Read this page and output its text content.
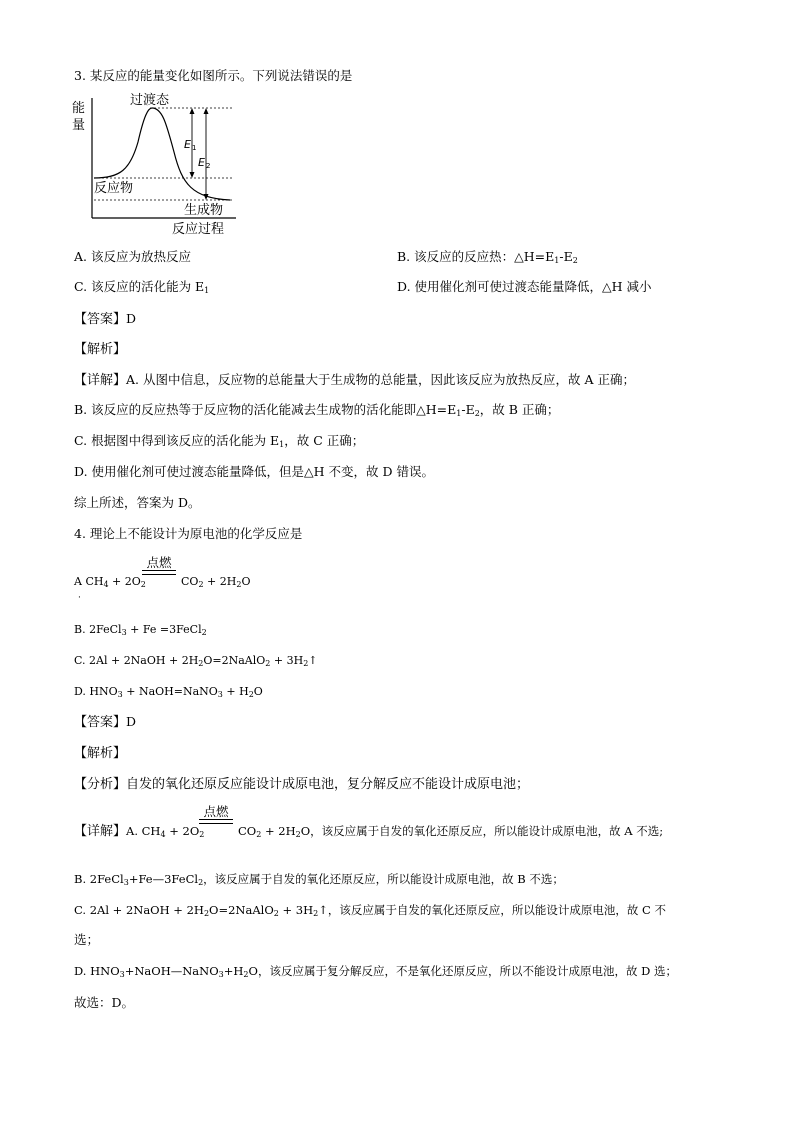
3. 某反应的能量变化如图所示。下列说法错误的是
能
量
过渡态
反应物
生成物
反应过程
E 1
E 2
A. 该反应为放热反应	B. 该反应的反应热：$\triangle H=E_1-E_2$
C. 该反应的活化能为 $E_1$	D. 使用催化剂可使过渡态能量降低，△H 减小
【答案】D
【解析】
【详解】A. 从图中信息，反应物的总能量大于生成物的总能量，因此该反应为放热反应，故 A 正确；
B. 该反应的反应热等于反应物的活化能减去生成物的活化能即$\triangle H=E_1-E_2$，故 B 正确；
C. 根据图中得到该反应的活化能为 $E_1$，故 C 正确；
D. 使用催化剂可使过渡态能量降低，但是△H 不变，故 D 错误。
综上所述，答案为 D。
4. 理论上不能设计为原电池的化学反应是
A $CH_4 + 2O_2$
点燃
$CO_2 + 2H_2O$
·
B. 2FeCl$_3$ + Fe =3FeCl$_2$
C. 2Al + 2NaOH + $2H_2O=2NaAlO_2$ + $3H_2↑$
D. $HNO_3$ + NaOH=NaNO$_3$ + $H_2O$
【答案】D
【解析】
【分析】自发的氧化还原反应能设计成原电池，复分解反应不能设计成原电池；
【详解】A. $CH_4 + 2O_2$
点燃
$CO_2 + 2H_2O$，该反应属于自发的氧化还原反应，所以能设计成原电池，故 A 不选;
B. 2FeCl$_3$+Fe—3FeCl$_2$，该反应属于自发的氧化还原反应，所以能设计成原电池，故 B 不选；
C. 2Al + 2NaOH + $2H_2O=2NaAlO_2$ + $3H_2↑$，该反应属于自发的氧化还原反应，所以能设计成原电池，故 C 不
选；
D. $HNO_3+NaOH—NaNO_3+H_2O$，该反应属于复分解反应，不是氧化还原反应，所以不能设计成原电池，故 D 选；
故选：D。
